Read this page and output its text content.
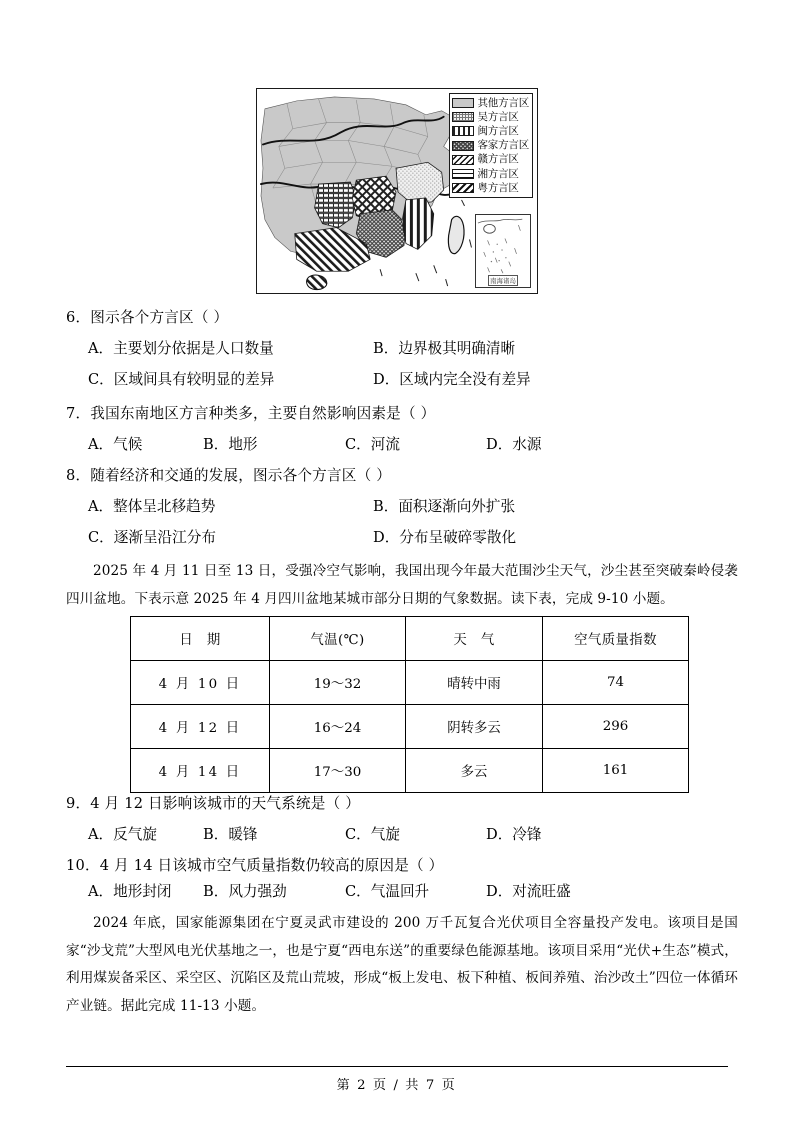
其他方言区
吴方言区
闽方言区
客家方言区
赣方言区
湘方言区
粤方言区
南海诸岛
6．图示各个方言区（ ）
A．主要划分依据是人口数量	B．边界极其明确清晰
C．区域间具有较明显的差异	D．区域内完全没有差异
7．我国东南地区方言种类多，主要自然影响因素是（ ）
A．气候	B．地形	C．河流	D．水源
8．随着经济和交通的发展，图示各个方言区（ ）
A．整体呈北移趋势	B．面积逐渐向外扩张
C．逐渐呈沿江分布	D．分布呈破碎零散化
2025 年 4 月 11 日至 13 日，受强冷空气影响，我国出现今年最大范围沙尘天气，沙尘甚至突破秦岭侵袭四川盆地。下表示意 2025 年 4 月四川盆地某城市部分日期的气象数据。读下表，完成 9-10 小题。
日　期	气温(℃)	天　气	空气质量指数
4 月 10 日	19～32	晴转中雨	74
4 月 12 日	16～24	阴转多云	296
4 月 14 日	17～30	多云	161
9．4 月 12 日影响该城市的天气系统是（ ）
A．反气旋	B．暖锋	C．气旋	D．冷锋
10．4 月 14 日该城市空气质量指数仍较高的原因是（ ）
A．地形封闭 B．风力强劲	C．气温回升	D．对流旺盛
2024 年底，国家能源集团在宁夏灵武市建设的 200 万千瓦复合光伏项目全容量投产发电。该项目是国家“沙戈荒”大型风电光伏基地之一，也是宁夏“西电东送”的重要绿色能源基地。该项目采用“光伏+生态”模式，利用煤炭备采区、采空区、沉陷区及荒山荒坡，形成“板上发电、板下种植、板间养殖、治沙改土”四位一体循环产业链。据此完成 11-13 小题。
第 2 页 / 共 7 页
